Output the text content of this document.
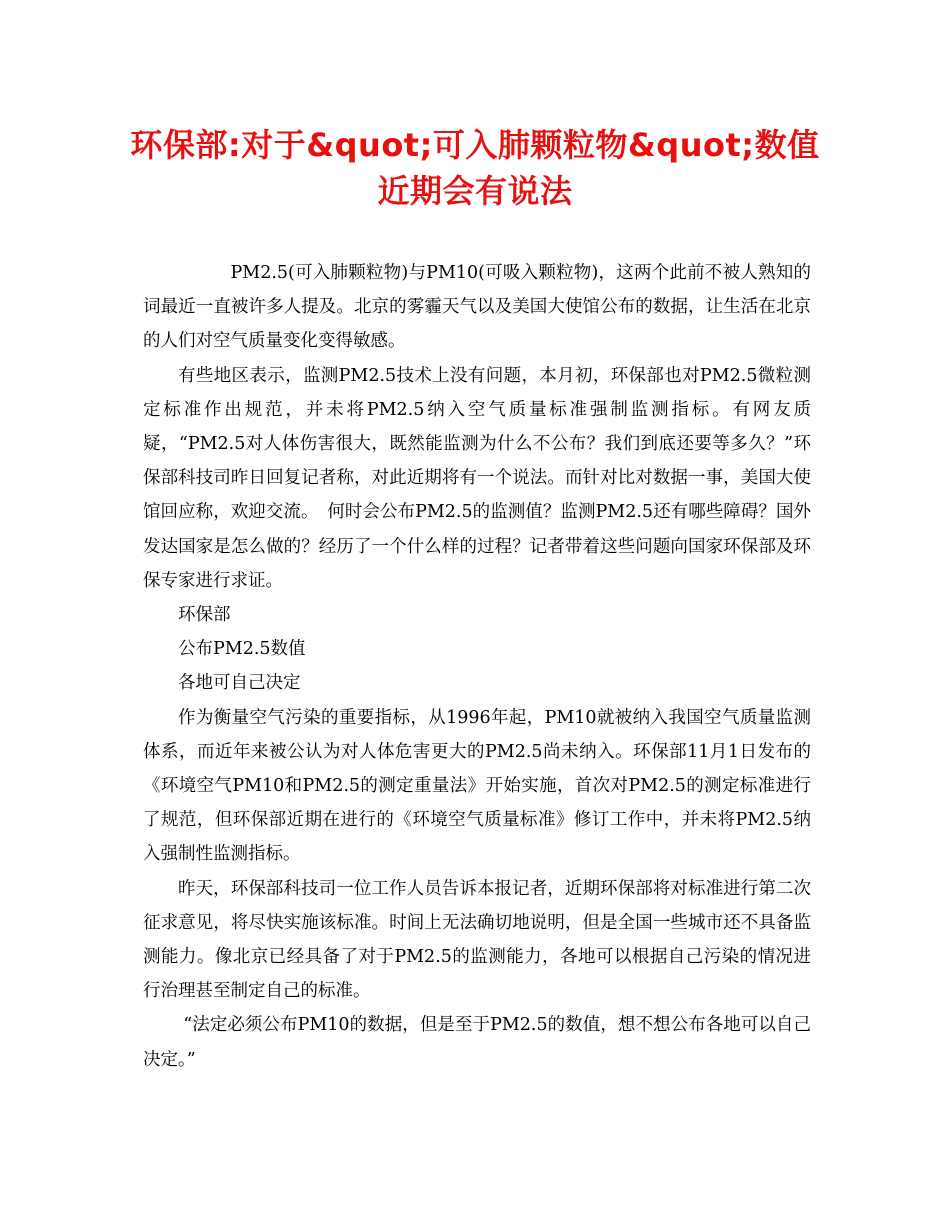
环保部:对于&quot;可入肺颗粒物&quot;数值近期会有说法

PM2.5(可入肺颗粒物)与PM10(可吸入颗粒物)，这两个此前不被人熟知的词最近一直被许多人提及。北京的雾霾天气以及美国大使馆公布的数据，让生活在北京的人们对空气质量变化变得敏感。

有些地区表示，监测PM2.5技术上没有问题，本月初，环保部也对PM2.5微粒测定标准作出规范，并未将PM2.5纳入空气质量标准强制监测指标。有网友质疑，“PM2.5对人体伤害很大，既然能监测为什么不公布？我们到底还要等多久？”环保部科技司昨日回复记者称，对此近期将有一个说法。而针对比对数据一事，美国大使馆回应称，欢迎交流。　何时会公布PM2.5的监测值？监测PM2.5还有哪些障碍？国外发达国家是怎么做的？经历了一个什么样的过程？记者带着这些问题向国家环保部及环保专家进行求证。

环保部

公布PM2.5数值

各地可自己决定

作为衡量空气污染的重要指标，从1996年起，PM10就被纳入我国空气质量监测体系，而近年来被公认为对人体危害更大的PM2.5尚未纳入。环保部11月1日发布的《环境空气PM10和PM2.5的测定重量法》开始实施，首次对PM2.5的测定标准进行了规范，但环保部近期在进行的《环境空气质量标准》修订工作中，并未将PM2.5纳入强制性监测指标。

昨天，环保部科技司一位工作人员告诉本报记者，近期环保部将对标准进行第二次征求意见，将尽快实施该标准。时间上无法确切地说明，但是全国一些城市还不具备监测能力。像北京已经具备了对于PM2.5的监测能力，各地可以根据自己污染的情况进行治理甚至制定自己的标准。

“法定必须公布PM10的数据，但是至于PM2.5的数值，想不想公布各地可以自己决定。”
